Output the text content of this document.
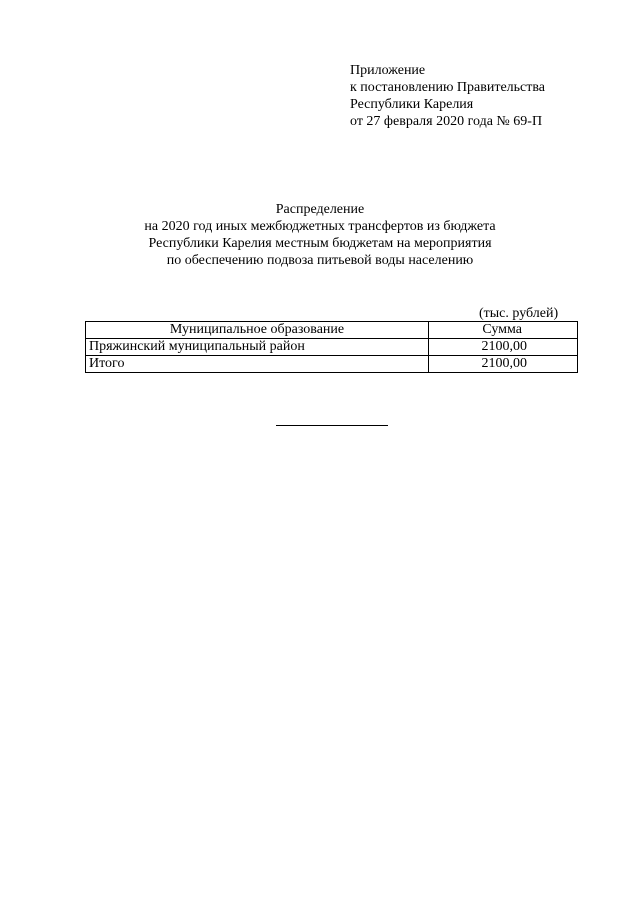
Приложение
к постановлению Правительства
Республики Карелия
от 27 февраля 2020 года № 69-П
Распределение
на 2020 год иных межбюджетных трансфертов из бюджета
Республики Карелия местным бюджетам на мероприятия
по обеспечению подвоза питьевой воды населению
(тыс. рублей)
Муниципальное образование	Сумма
Пряжинский муниципальный район	2100,00
Итого	2100,00
